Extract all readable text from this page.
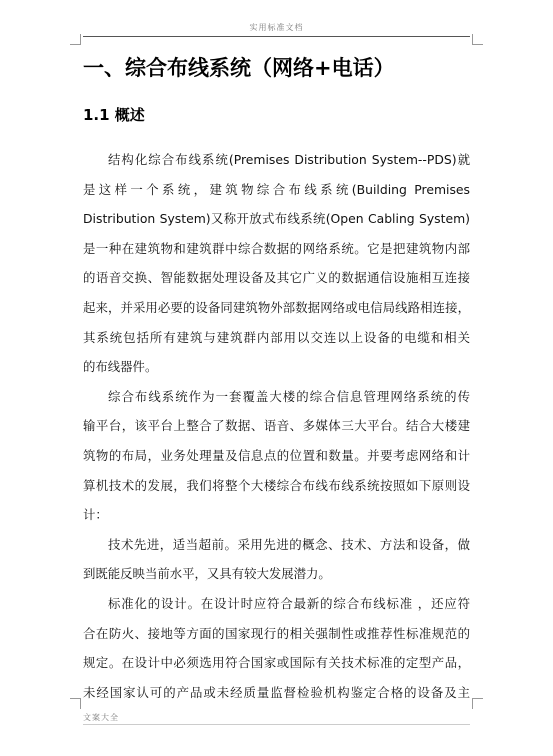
实用标准文档
一、综合布线系统（网络+电话）
1.1 概述
结构化综合布线系统(Premises Distribution System--PDS)就
是这样一个系统，建筑物综合布线系统(Building Premises
Distribution System)又称开放式布线系统(Open Cabling System)
是一种在建筑物和建筑群中综合数据的网络系统。它是把建筑物内部
的语音交换、智能数据处理设备及其它广义的数据通信设施相互连接
起来，并采用必要的设备同建筑物外部数据网络或电信局线路相连接，
其系统包括所有建筑与建筑群内部用以交连以上设备的电缆和相关
的布线器件。
综合布线系统作为一套覆盖大楼的综合信息管理网络系统的传
输平台，该平台上整合了数据、语音、多媒体三大平台。结合大楼建
筑物的布局，业务处理量及信息点的位置和数量。并要考虑网络和计
算机技术的发展，我们将整个大楼综合布线布线系统按照如下原则设
计：
技术先进，适当超前。采用先进的概念、技术、方法和设备，做
到既能反映当前水平，又具有较大发展潜力。
标准化的设计。在设计时应符合最新的综合布线标准 ，还应符
合在防火、接地等方面的国家现行的相关强制性或推荐性标准规范的
规定。在设计中必须选用符合国家或国际有关技术标准的定型产品，
未经国家认可的产品或未经质量监督检验机构鉴定合格的设备及主
文案大全
